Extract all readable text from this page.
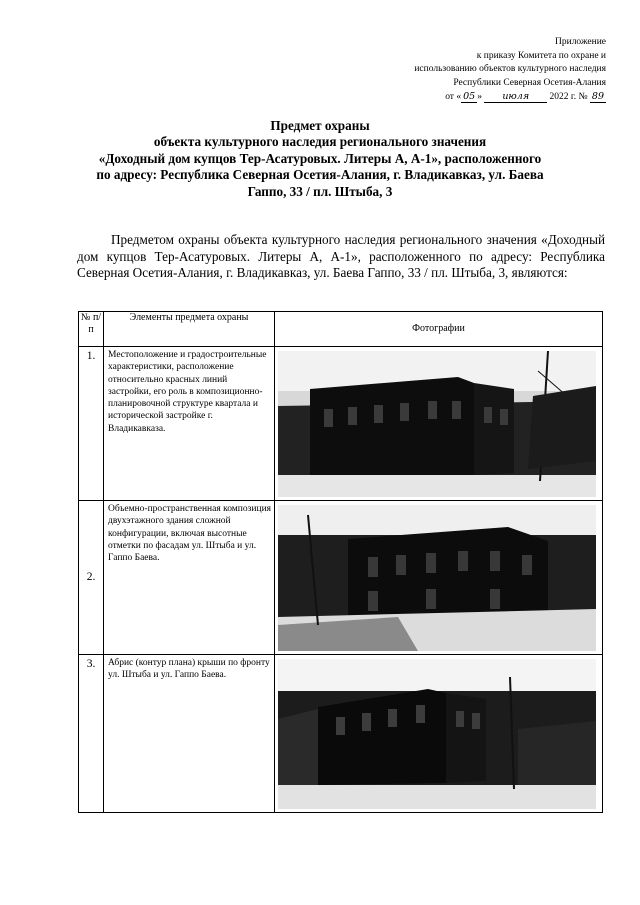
Приложение
к приказу Комитета по охране и
использованию объектов культурного наследия
Республики Северная Осетия-Алания
от « 05 » июля 2022 г. № 89
Предмет охраны
объекта культурного наследия регионального значения
«Доходный дом купцов Тер-Асатуровых. Литеры А, А-1», расположенного
по адресу: Республика Северная Осетия-Алания, г. Владикавказ, ул. Баева
Гаппо, 33 / пл. Штыба, 3
Предметом охраны объекта культурного наследия регионального значения «Доходный дом купцов Тер-Асатуровых. Литеры А, А-1», расположенного по адресу: Республика Северная Осетия-Алания, г. Владикавказ, ул. Баева Гаппо, 33 / пл. Штыба, 3, являются:
№ п/п	Элементы предмета охраны	Фотографии
1.	Местоположение и градостроительные характеристики, расположение относительно красных линий застройки, его роль в композиционно-планировочной структуре квартала и исторической застройке г. Владикавказа.	

2.	Объемно-пространственная композиция двухэтажного здания сложной конфигурации, включая высотные отметки по фасадам ул. Штыба и ул. Гаппо Баева.	

3.	Абрис (контур плана) крыши по фронту ул. Штыба и ул. Гаппо Баева.	
